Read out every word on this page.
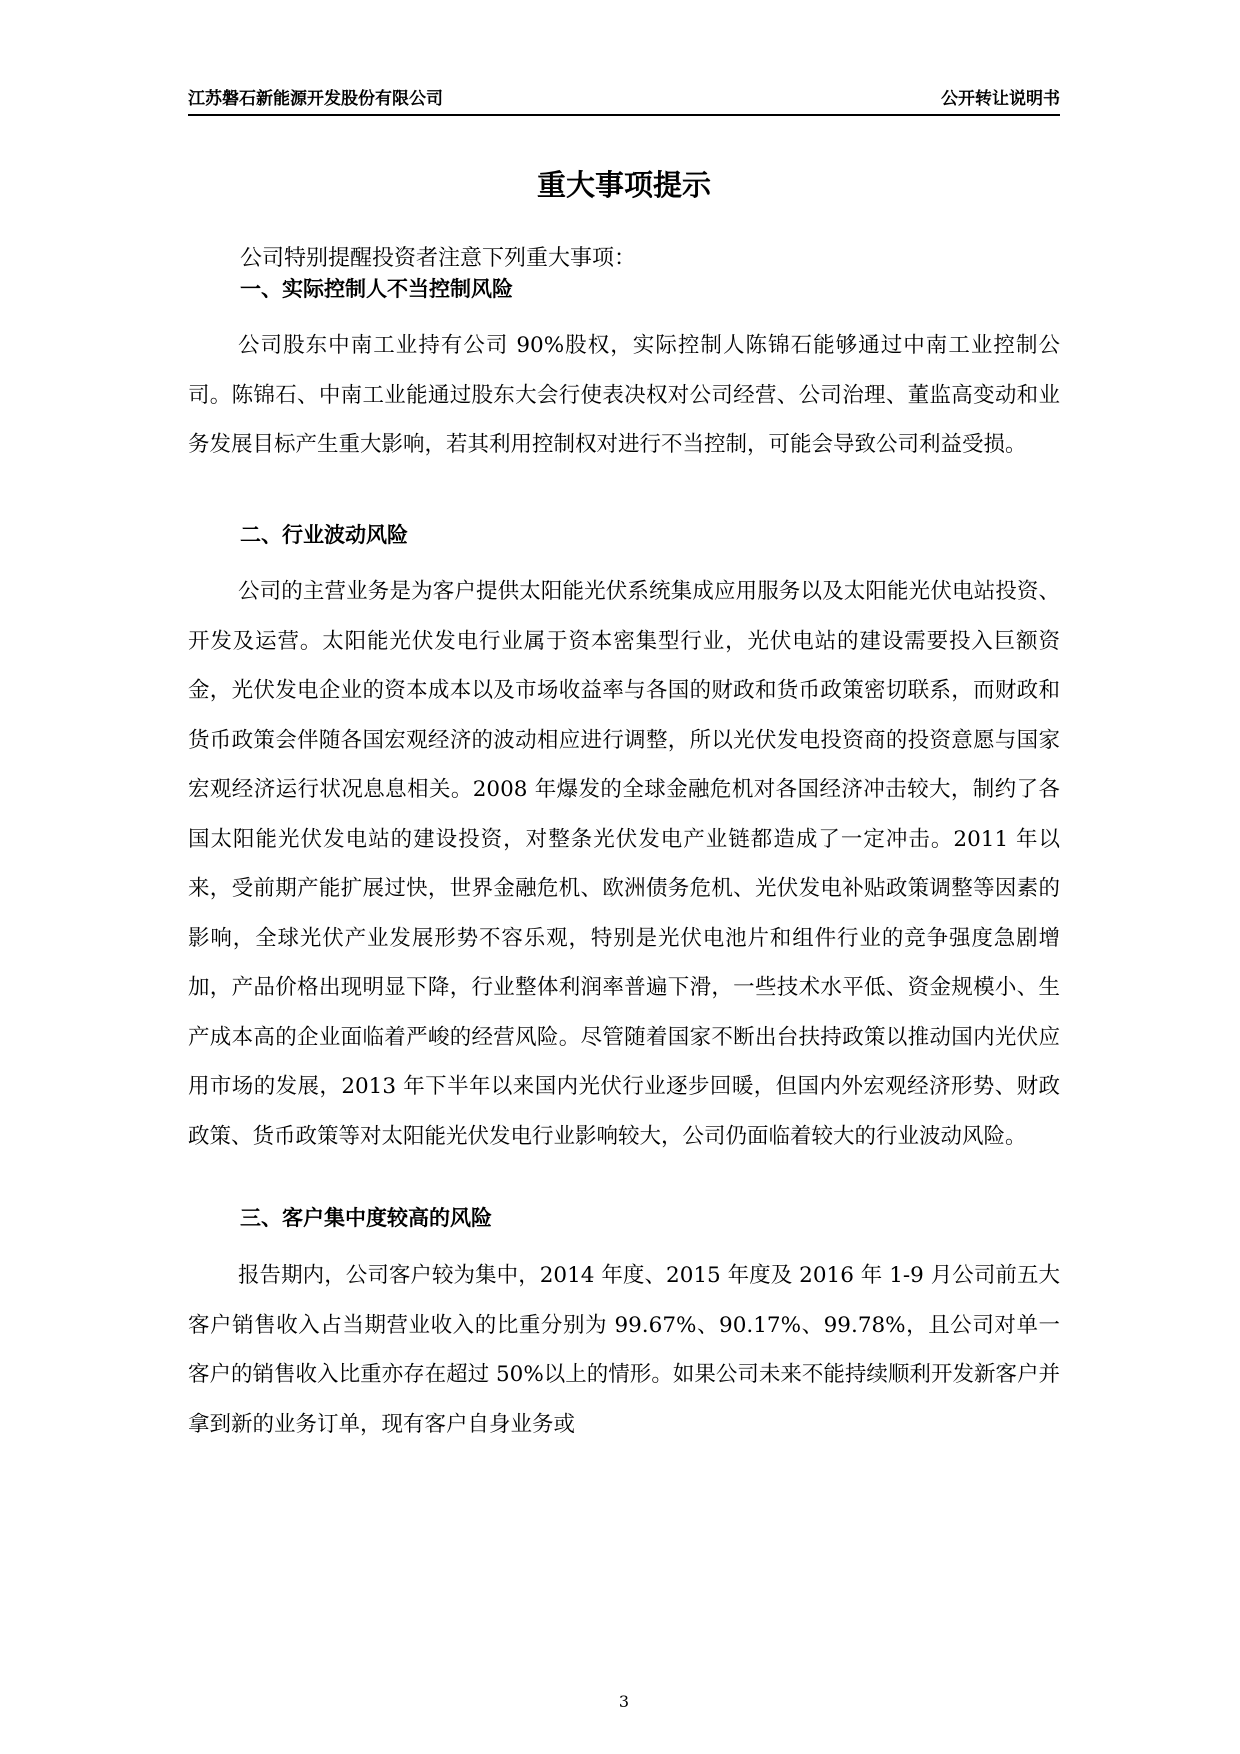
江苏磐石新能源开发股份有限公司	公开转让说明书
重大事项提示

公司特别提醒投资者注意下列重大事项：

一、实际控制人不当控制风险

公司股东中南工业持有公司 90%股权，实际控制人陈锦石能够通过中南工业控制公司。陈锦石、中南工业能通过股东大会行使表决权对公司经营、公司治理、董监高变动和业务发展目标产生重大影响，若其利用控制权对进行不当控制，可能会导致公司利益受损。

二、行业波动风险

公司的主营业务是为客户提供太阳能光伏系统集成应用服务以及太阳能光伏电站投资、开发及运营。太阳能光伏发电行业属于资本密集型行业，光伏电站的建设需要投入巨额资金，光伏发电企业的资本成本以及市场收益率与各国的财政和货币政策密切联系，而财政和货币政策会伴随各国宏观经济的波动相应进行调整，所以光伏发电投资商的投资意愿与国家宏观经济运行状况息息相关。2008 年爆发的全球金融危机对各国经济冲击较大，制约了各国太阳能光伏发电站的建设投资，对整条光伏发电产业链都造成了一定冲击。2011 年以来，受前期产能扩展过快，世界金融危机、欧洲债务危机、光伏发电补贴政策调整等因素的影响，全球光伏产业发展形势不容乐观，特别是光伏电池片和组件行业的竞争强度急剧增加，产品价格出现明显下降，行业整体利润率普遍下滑，一些技术水平低、资金规模小、生产成本高的企业面临着严峻的经营风险。尽管随着国家不断出台扶持政策以推动国内光伏应用市场的发展，2013 年下半年以来国内光伏行业逐步回暖，但国内外宏观经济形势、财政政策、货币政策等对太阳能光伏发电行业影响较大，公司仍面临着较大的行业波动风险。

三、客户集中度较高的风险

报告期内，公司客户较为集中，2014 年度、2015 年度及 2016 年 1-9 月公司前五大客户销售收入占当期营业收入的比重分别为 99.67%、90.17%、99.78%，且公司对单一客户的销售收入比重亦存在超过 50%以上的情形。如果公司未来不能持续顺利开发新客户并拿到新的业务订单，现有客户自身业务或

3
